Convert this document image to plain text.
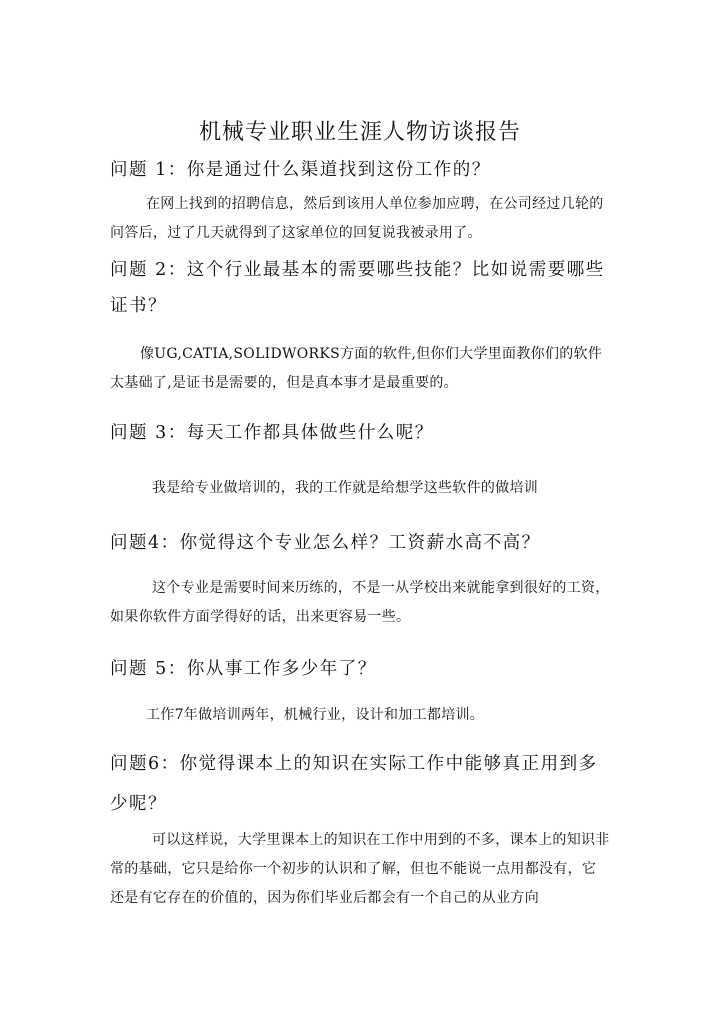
机械专业职业生涯人物访谈报告
问题 1：你是通过什么渠道找到这份工作的？
在网上找到的招聘信息，然后到该用人单位参加应聘，在公司经过几轮的问答后，过了几天就得到了这家单位的回复说我被录用了。
问题 2：这个行业最基本的需要哪些技能？比如说需要哪些证书？
像UG,CATIA,SOLIDWORKS方面的软件,但你们大学里面教你们的软件太基础了,是证书是需要的，但是真本事才是最重要的。
问题 3：每天工作都具体做些什么呢？
我是给专业做培训的，我的工作就是给想学这些软件的做培训
问题4：你觉得这个专业怎么样？工资薪水高不高？
这个专业是需要时间来历练的，不是一从学校出来就能拿到很好的工资，如果你软件方面学得好的话，出来更容易一些。
问题 5：你从事工作多少年了？
工作7年做培训两年，机械行业，设计和加工都培训。
问题6：你觉得课本上的知识在实际工作中能够真正用到多少呢？
可以这样说，大学里课本上的知识在工作中用到的不多，课本上的知识非常的基础，它只是给你一个初步的认识和了解，但也不能说一点用都没有，它还是有它存在的价值的，因为你们毕业后都会有一个自己的从业方向
